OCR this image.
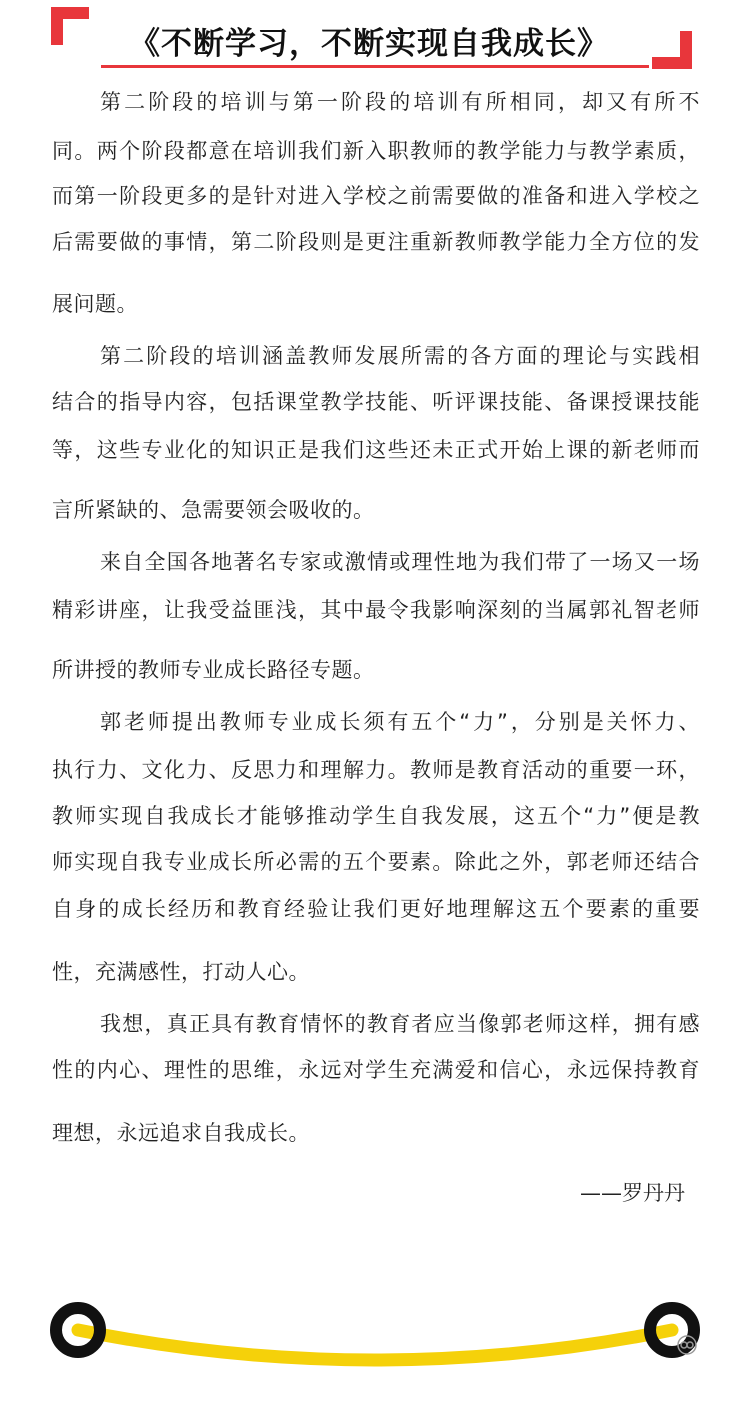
《不断学习，不断实现自我成长》
第二阶段的培训与第一阶段的培训有所相同，却又有所不
同。两个阶段都意在培训我们新入职教师的教学能力与教学素质，
而第一阶段更多的是针对进入学校之前需要做的准备和进入学校之
后需要做的事情，第二阶段则是更注重新教师教学能力全方位的发
展问题。
第二阶段的培训涵盖教师发展所需的各方面的理论与实践相
结合的指导内容，包括课堂教学技能、听评课技能、备课授课技能
等，这些专业化的知识正是我们这些还未正式开始上课的新老师而
言所紧缺的、急需要领会吸收的。
来自全国各地著名专家或激情或理性地为我们带了一场又一场
精彩讲座，让我受益匪浅，其中最令我影响深刻的当属郭礼智老师
所讲授的教师专业成长路径专题。
郭老师提出教师专业成长须有五个“力”，分别是关怀力、
执行力、文化力、反思力和理解力。教师是教育活动的重要一环，
教师实现自我成长才能够推动学生自我发展，这五个“力”便是教
师实现自我专业成长所必需的五个要素。除此之外，郭老师还结合
自身的成长经历和教育经验让我们更好地理解这五个要素的重要
性，充满感性，打动人心。
我想，真正具有教育情怀的教育者应当像郭老师这样，拥有感
性的内心、理性的思维，永远对学生充满爱和信心，永远保持教育
理想，永远追求自我成长。
——罗丹丹
